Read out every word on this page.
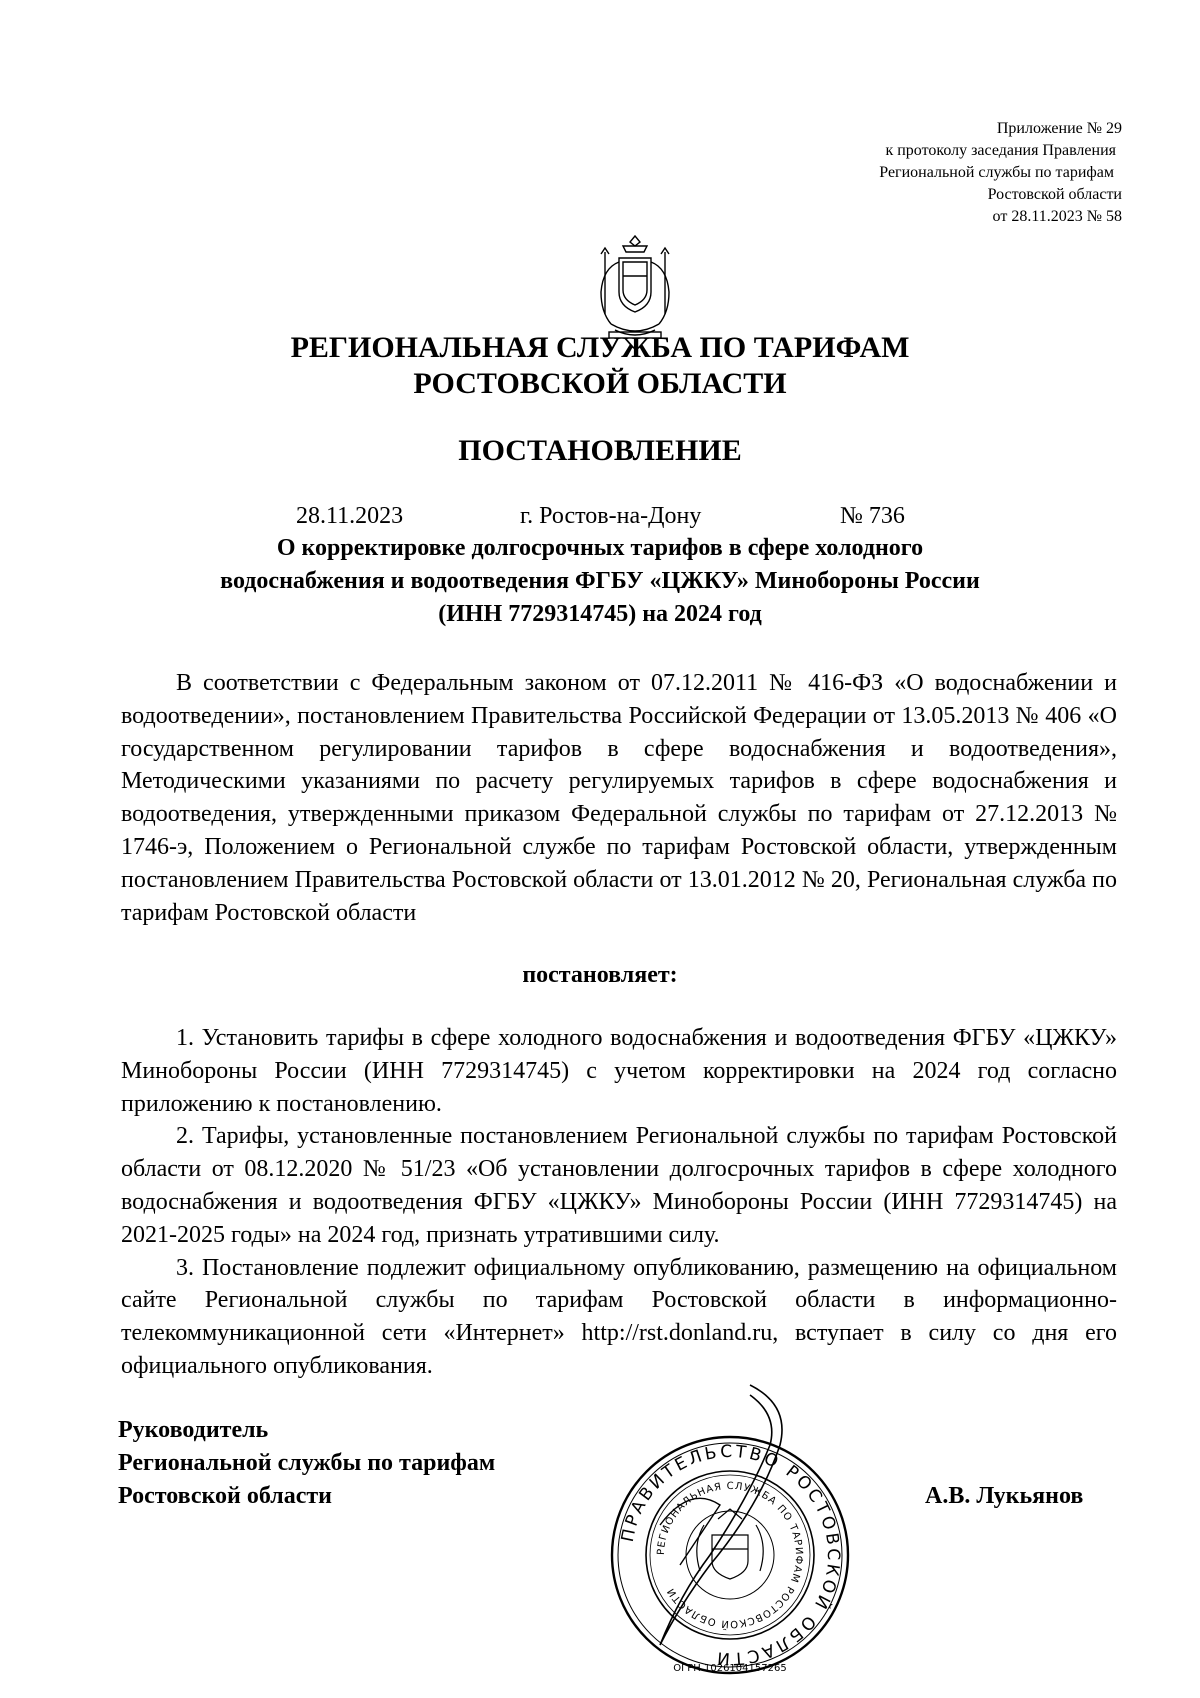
Приложение № 29
к протоколу заседания Правления
Региональной службы по тарифам
Ростовской области
от 28.11.2023 № 58
РЕГИОНАЛЬНАЯ СЛУЖБА ПО ТАРИФАМ
РОСТОВСКОЙ ОБЛАСТИ
ПОСТАНОВЛЕНИЕ
28.11.2023	г. Ростов-на-Дону	№ 736
О корректировке долгосрочных тарифов в сфере холодного
водоснабжения и водоотведения ФГБУ «ЦЖКУ» Минобороны России
(ИНН 7729314745) на 2024 год
В соответствии с Федеральным законом от 07.12.2011 № 416-ФЗ «О водоснабжении и водоотведении», постановлением Правительства Российской Федерации от 13.05.2013 № 406 «О государственном регулировании тарифов в сфере водоснабжения и водоотведения», Методическими указаниями по расчету регулируемых тарифов в сфере водоснабжения и водоотведения, утвержденными приказом Федеральной службы по тарифам от 27.12.2013 № 1746-э, Положением о Региональной службе по тарифам Ростовской области, утвержденным постановлением Правительства Ростовской области от 13.01.2012 № 20, Региональная служба по тарифам Ростовской области
постановляет:

1. Установить тарифы в сфере холодного водоснабжения и водоотведения ФГБУ «ЦЖКУ» Минобороны России (ИНН 7729314745) с учетом корректировки на 2024 год согласно приложению к постановлению.

2. Тарифы, установленные постановлением Региональной службы по тарифам Ростовской области от 08.12.2020 № 51/23 «Об установлении долгосрочных тарифов в сфере холодного водоснабжения и водоотведения ФГБУ «ЦЖКУ» Минобороны России (ИНН 7729314745) на 2021-2025 годы» на 2024 год, признать утратившими силу.

3. Постановление подлежит официальному опубликованию, размещению на официальном сайте Региональной службы по тарифам Ростовской области в информационно-телекоммуникационной сети «Интернет» http://rst.donland.ru, вступает в силу со дня его официального опубликования.

Руководитель
Региональной службы по тарифам
Ростовской области	А.В. Лукьянов
ПРАВИТЕЛЬСТВО РОСТОВСКОЙ ОБЛАСТИ
РЕГИОНАЛЬНАЯ СЛУЖБА ПО ТАРИФАМ РОСТОВСКОЙ ОБЛАСТИ
ОГРН 1026104157265
